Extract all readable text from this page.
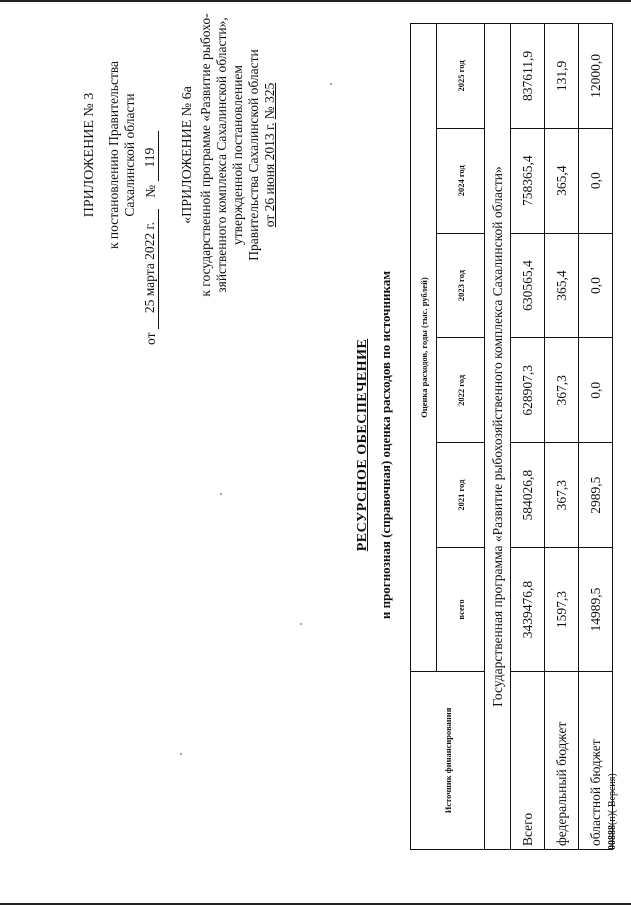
ПРИЛОЖЕНИЕ № 3 к постановлению Правительства Сахалинской области
от
25 марта 2022 г.
№
119 «ПРИЛОЖЕНИЕ № 6а к государственной программе «Развитие рыбохо- зяйственного комплекса Сахалинской области», утвержденной постановлением Правительства Сахалинской области от 26 июня 2013 г. № 325
РЕСУРСНОЕ ОБЕСПЕЧЕНИЕ и прогнозная (справочная) оценка расходов по источникам
Источник финансирования	Оценка расходов, годы (тыс. рублей)					
	всего	2021 год	2022 год	2023 год	2024 год	2025 год
Государственная программа «Развитие рыбохозяйственного комплекса Сахалинской области»						
Всего	3439476,8	584026,8	628907,3	630565,4	758365,4	837611,9
федеральный бюджет	1597,3	367,3	367,3	365,4	365,4	131,9
областной бюджет	14989,5	2989,5	0,0	0,0	0,0	12000,0
00888(п)( Версия)
